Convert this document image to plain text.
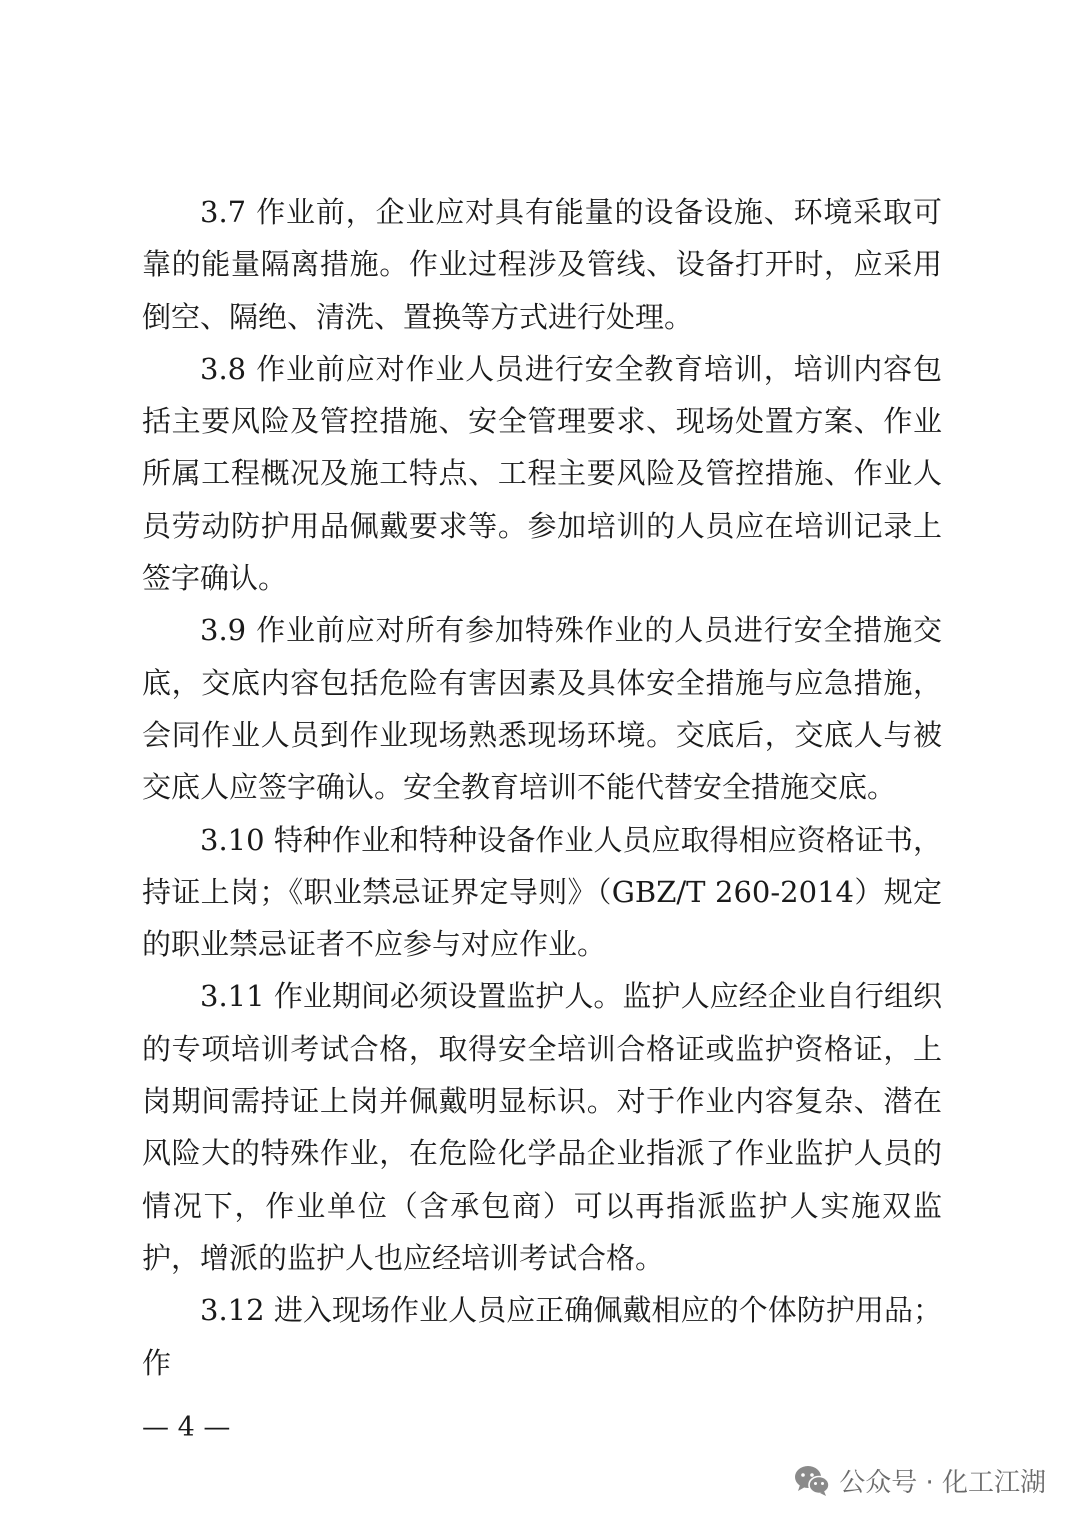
3.7 作业前，企业应对具有能量的设备设施、环境采取可靠的能量隔离措施。作业过程涉及管线、设备打开时，应采用倒空、隔绝、清洗、置换等方式进行处理。

3.8 作业前应对作业人员进行安全教育培训，培训内容包括主要风险及管控措施、安全管理要求、现场处置方案、作业所属工程概况及施工特点、工程主要风险及管控措施、作业人员劳动防护用品佩戴要求等。参加培训的人员应在培训记录上签字确认。

3.9 作业前应对所有参加特殊作业的人员进行安全措施交底，交底内容包括危险有害因素及具体安全措施与应急措施，会同作业人员到作业现场熟悉现场环境。交底后，交底人与被交底人应签字确认。安全教育培训不能代替安全措施交底。

3.10 特种作业和特种设备作业人员应取得相应资格证书，持证上岗；《职业禁忌证界定导则》（GBZ/T 260-2014）规定的职业禁忌证者不应参与对应作业。

3.11 作业期间必须设置监护人。监护人应经企业自行组织的专项培训考试合格，取得安全培训合格证或监护资格证，上岗期间需持证上岗并佩戴明显标识。对于作业内容复杂、潜在风险大的特殊作业，在危险化学品企业指派了作业监护人员的情况下，作业单位（含承包商）可以再指派监护人实施双监护，增派的监护人也应经培训考试合格。

3.12 进入现场作业人员应正确佩戴相应的个体防护用品；作

— 4 —
公众号 · 化工江湖
